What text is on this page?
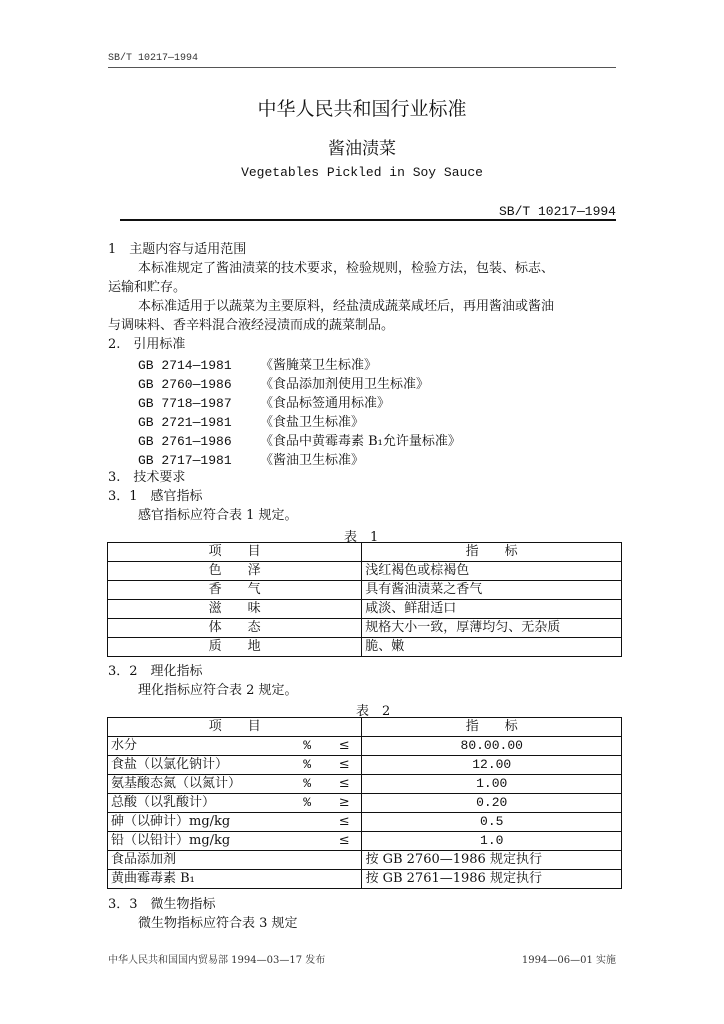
SB/T 10217—1994
中华人民共和国行业标准
酱油渍菜
Vegetables Pickled in Soy Sauce
SB/T 10217—1994
1　主题内容与适用范围
本标准规定了酱油渍菜的技术要求，检验规则，检验方法，包装、标志、
运输和贮存。
本标准适用于以蔬菜为主要原料，经盐渍成蔬菜咸坯后，再用酱油或酱油
与调味料、香辛料混合液经浸渍而成的蔬菜制品。
2.　引用标准
GB 2714—1981 《酱腌菜卫生标准》
GB 2760—1986 《食品添加剂使用卫生标准》
GB 7718—1987 《食品标签通用标准》
GB 2721—1981 《食盐卫生标准》
GB 2761—1986 《食品中黄霉毒素 B₁允许量标准》
GB 2717—1981 《酱油卫生标准》
3.　技术要求
3．1　感官指标
感官指标应符合表 1 规定。
表　1
项　　目	指　　标
色　　泽	浅红褐色或棕褐色
香　　气	具有酱油渍菜之香气
滋　　味	咸淡、鲜甜适口
体　　态	规格大小一致，厚薄均匀、无杂质
质　　地	脆、嫩
3．2　理化指标
理化指标应符合表 2 规定。
表　2
项　　目			指　　标
水分	%	≤	80.00.00
食盐（以氯化钠计）	%	≤	12.00
氨基酸态氮（以氮计）	%	≤	1.00
总酸（以乳酸计）	%	≥	0.20
砷（以砷计）mg/kg		≤	0.5
铅（以铅计）mg/kg		≤	1.0
食品添加剂			按 GB 2760—1986 规定执行
黄曲霉毒素 B₁			按 GB 2761—1986 规定执行
3．3　微生物指标
微生物指标应符合表 3 规定
中华人民共和国国内贸易部 1994—03—17 发布	1994—06—01 实施
